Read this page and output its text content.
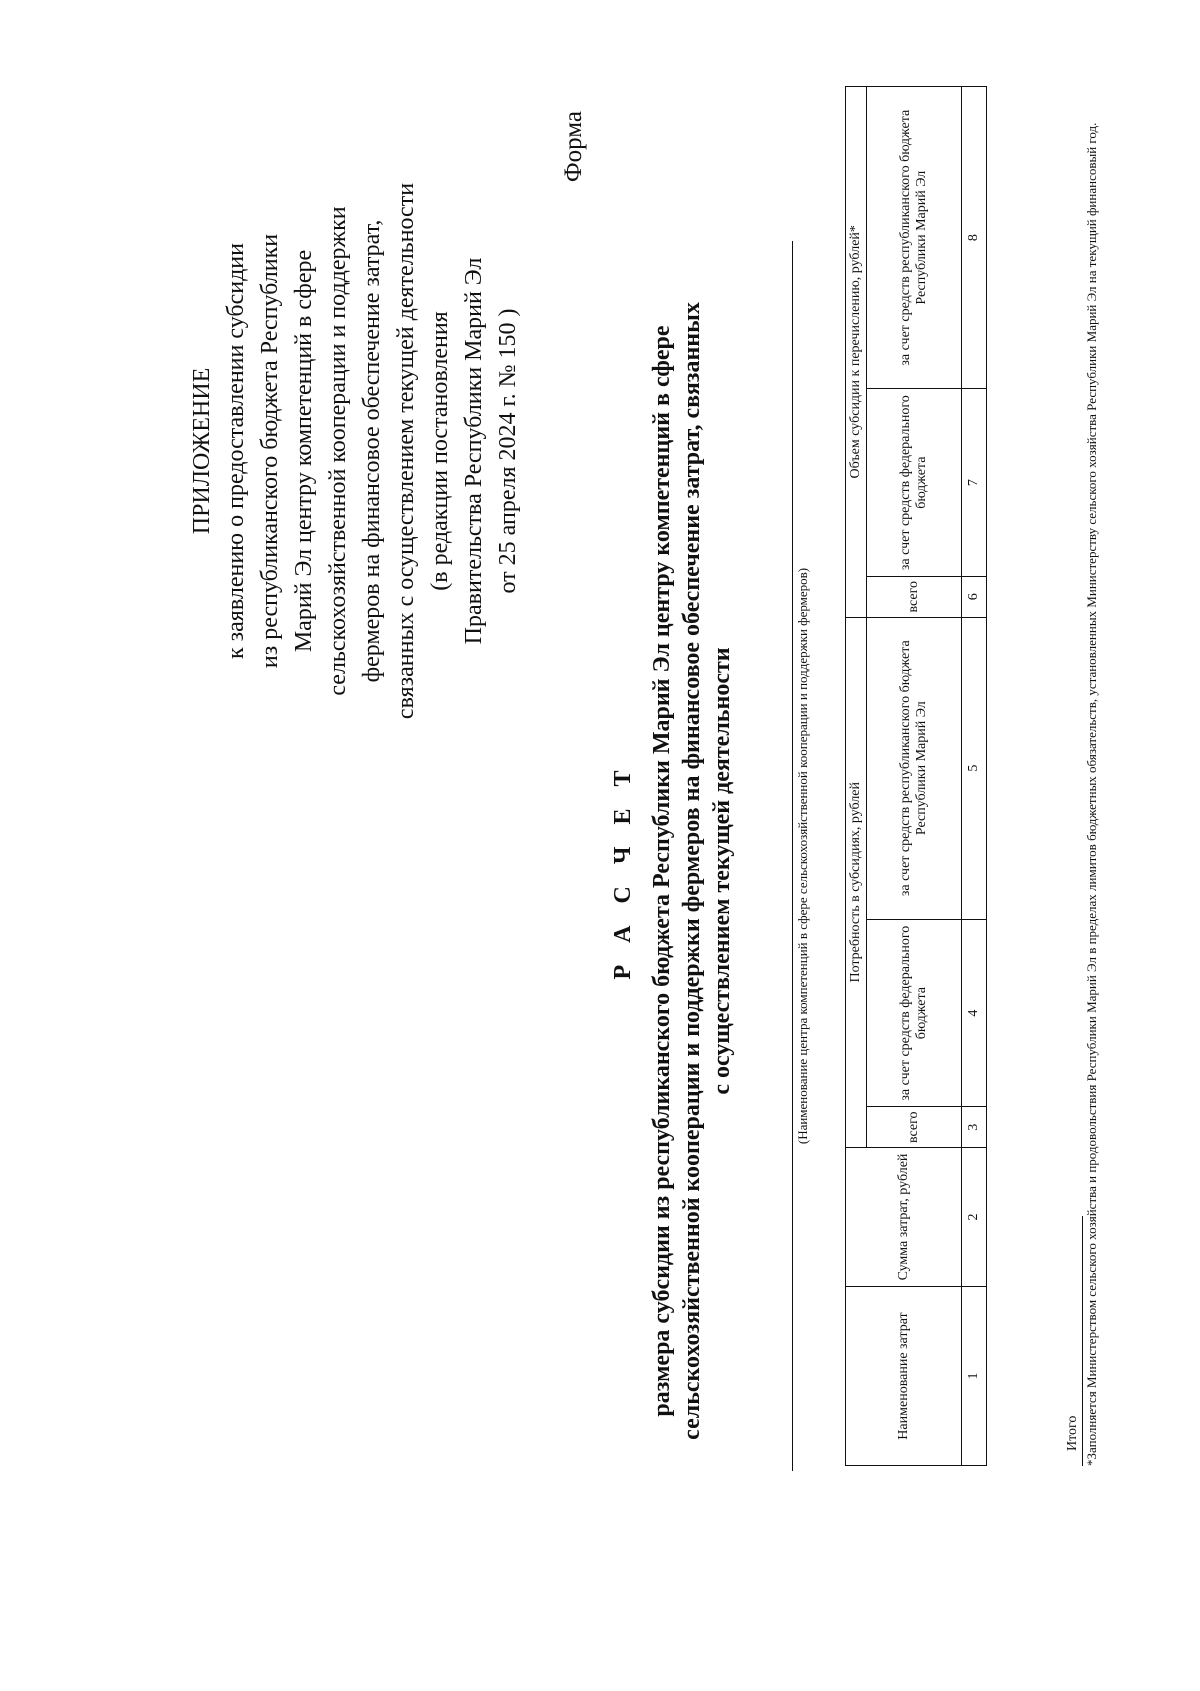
ПРИЛОЖЕНИЕ к заявлению о предоставлении субсидии из республиканского бюджета Республики Марий Эл центру компетенций в сфере сельскохозяйственной кооперации и поддержки фермеров на финансовое обеспечение затрат, связанных с осуществлением текущей деятельности (в редакции постановления Правительства Республики Марий Эл от 25 апреля 2024 г. № 150 )
Форма
Р А С Ч Е Т размера субсидии из республиканского бюджета Республики Марий Эл центру компетенций в сфере сельскохозяйственной кооперации и поддержки фермеров на финансовое обеспечение затрат, связанных с осуществлением текущей деятельности	(Наименование центра компетенций в сфере сельскохозяйственной кооперации и поддержки фермеров)
Наименование затрат	Сумма затрат, рублей	Потребность в субсидиях, рублей			Объем субсидии к перечислению, рублей*		
		всего	за счет средств федерального бюджета	за счет средств республиканского бюджета Республики Марий Эл	всего	за счет средств федерального бюджета	за счет средств республиканского бюджета Республики Марий Эл
1	2	3	4	5	6	7	8
Итого *Заполняется Министерством сельского хозяйства и продовольствия Республики Марий Эл в пределах лимитов бюджетных обязательств, установленных Министерству сельского хозяйства Республики Марий Эл на текущий финансовый год.
